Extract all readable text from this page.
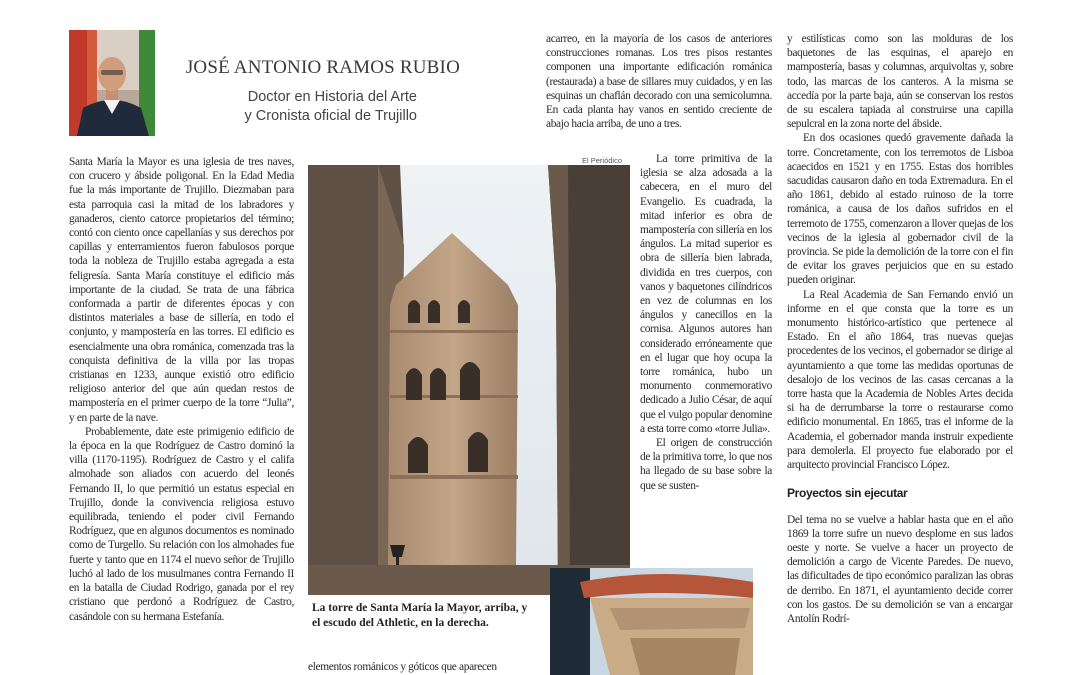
JOSÉ ANTONIO RAMOS RUBIO
Doctor en Historia del Arte
y Cronista oficial de Trujillo

Santa María la Mayor es una iglesia de tres naves, con crucero y ábside poligonal. En la Edad Media fue la más importante de Trujillo. Diezmaban para esta parroquia casi la mitad de los labradores y ganaderos, ciento catorce propietarios del término; contó con ciento once capellanías y sus derechos por capillas y enterramientos fueron fabulosos porque toda la nobleza de Trujillo estaba agregada a esta feligresía. Santa María constituye el edificio más importante de la ciudad. Se trata de una fábrica conformada a partir de diferentes épocas y con distintos materiales a base de sillería, en todo el conjunto, y mampostería en las torres. El edificio es esencialmente una obra románica, comenzada tras la conquista definitiva de la villa por las tropas cristianas en 1233, aunque existió otro edificio religioso anterior del que aún quedan restos de mampostería en el primer cuerpo de la torre “Julia”, y en parte de la nave.

Probablemente, date este primigenio edificio de la época en la que Rodríguez de Castro dominó la villa (1170-1195). Rodríguez de Castro y el califa almohade son aliados con acuerdo del leonés Fernando II, lo que permitió un estatus especial en Trujillo, donde la convivencia religiosa estuvo equilibrada, teniendo el poder civil Fernando Rodríguez, que en algunos documentos es nominado como de Turgello. Su relación con los almohades fue fuerte y tanto que en 1174 el nuevo señor de Trujillo luchó al lado de los musulmanes contra Fernando II en la batalla de Ciudad Rodrigo, ganada por el rey cristiano que perdonó a Rodríguez de Castro, casándole con su hermana Estefanía.

El Periódico
La torre de Santa María la Mayor, arriba, y el escudo del Athletic, en la derecha.
elementos románicos y góticos que aparecen

acarreo, en la mayoría de los casos de anteriores construcciones romanas. Los tres pisos restantes componen una importante edificación románica (restaurada) a base de sillares muy cuidados, y en las esquinas un chaflán decorado con una semicolumna. En cada planta hay vanos en sentido creciente de abajo hacia arriba, de uno a tres.

La torre primitiva de la iglesia se alza adosada a la cabecera, en el muro del Evangelio. Es cuadrada, la mitad inferior es obra de mampostería con sillería en los ángulos. La mitad superior es obra de sillería bien labrada, dividida en tres cuerpos, con vanos y baquetones cilíndricos en vez de columnas en los ángulos y canecillos en la cornisa. Algunos autores han considerado erróneamente que en el lugar que hoy ocupa la torre románica, hubo un monumento conmemorativo dedicado a Julio César, de aquí que el vulgo popular denomine a esta torre como «torre Julia».

El origen de construcción de la primitiva torre, lo que nos ha llegado de su base sobre la que se susten-

y estilísticas como son las molduras de los baquetones de las esquinas, el aparejo en mampostería, basas y columnas, arquivoltas y, sobre todo, las marcas de los canteros. A la misma se accedía por la parte baja, aún se conservan los restos de su escalera tapiada al construirse una capilla sepulcral en la zona norte del ábside.

En dos ocasiones quedó gravemente dañada la torre. Concretamente, con los terremotos de Lisboa acaecidos en 1521 y en 1755. Estas dos horribles sacudidas causaron daño en toda Extremadura. En el año 1861, debido al estado ruinoso de la torre románica, a causa de los daños sufridos en el terremoto de 1755, comenzaron a llover quejas de los vecinos de la iglesia al gobernador civil de la provincia. Se pide la demolición de la torre con el fin de evitar los graves perjuicios que en su estado pueden originar.

La Real Academia de San Fernando envió un informe en el que consta que la torre es un monumento histórico-artístico que pertenece al Estado. En el año 1864, tras nuevas quejas procedentes de los vecinos, el gobernador se dirige al ayuntamiento a que tome las medidas oportunas de desalojo de los vecinos de las casas cercanas a la torre hasta que la Academia de Nobles Artes decida si ha de derrumbarse la torre o restaurarse como edificio monumental. En 1865, tras el informe de la Academia, el gobernador manda instruir expediente para demolerla. El proyecto fue elaborado por el arquitecto provincial Francisco López.

Proyectos sin ejecutar

Del tema no se vuelve a hablar hasta que en el año 1869 la torre sufre un nuevo desplome en sus lados oeste y norte. Se vuelve a hacer un proyecto de demolición a cargo de Vicente Paredes. De nuevo, las dificultades de tipo económico paralizan las obras de derribo. En 1871, el ayuntamiento decide correr con los gastos. De su demolición se van a encargar Antolín Rodrí-
